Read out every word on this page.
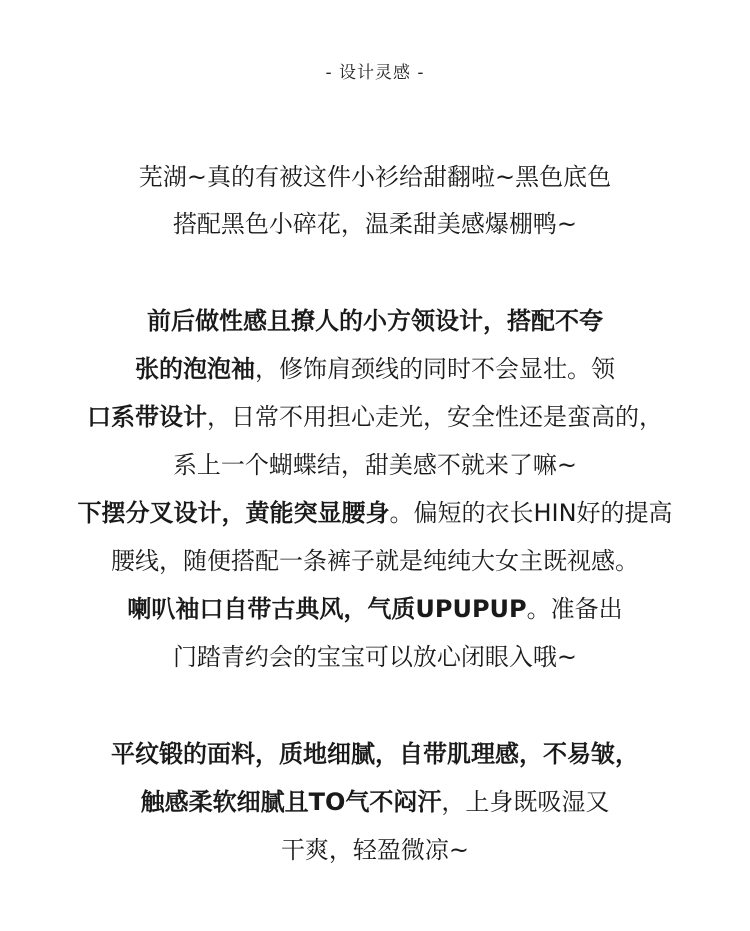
- 设计灵感 -
芜湖~真的有被这件小衫给甜翻啦~黑色底色
搭配黑色小碎花，温柔甜美感爆棚鸭~
前后做性感且撩人的小方领设计，搭配不夸
张的泡泡袖，修饰肩颈线的同时不会显壮。领
口系带设计，日常不用担心走光，安全性还是蛮高的，
系上一个蝴蝶结，甜美感不就来了嘛~
下摆分叉设计，黄能突显腰身。偏短的衣长HIN好的提高
腰线，随便搭配一条裤子就是纯纯大女主既视感。
喇叭袖口自带古典风，气质UPUPUP。准备出
门踏青约会的宝宝可以放心闭眼入哦~
平纹锻的面料，质地细腻，自带肌理感，不易皱，
触感柔软细腻且TO气不闷汗，上身既吸湿又
干爽，轻盈微凉~
